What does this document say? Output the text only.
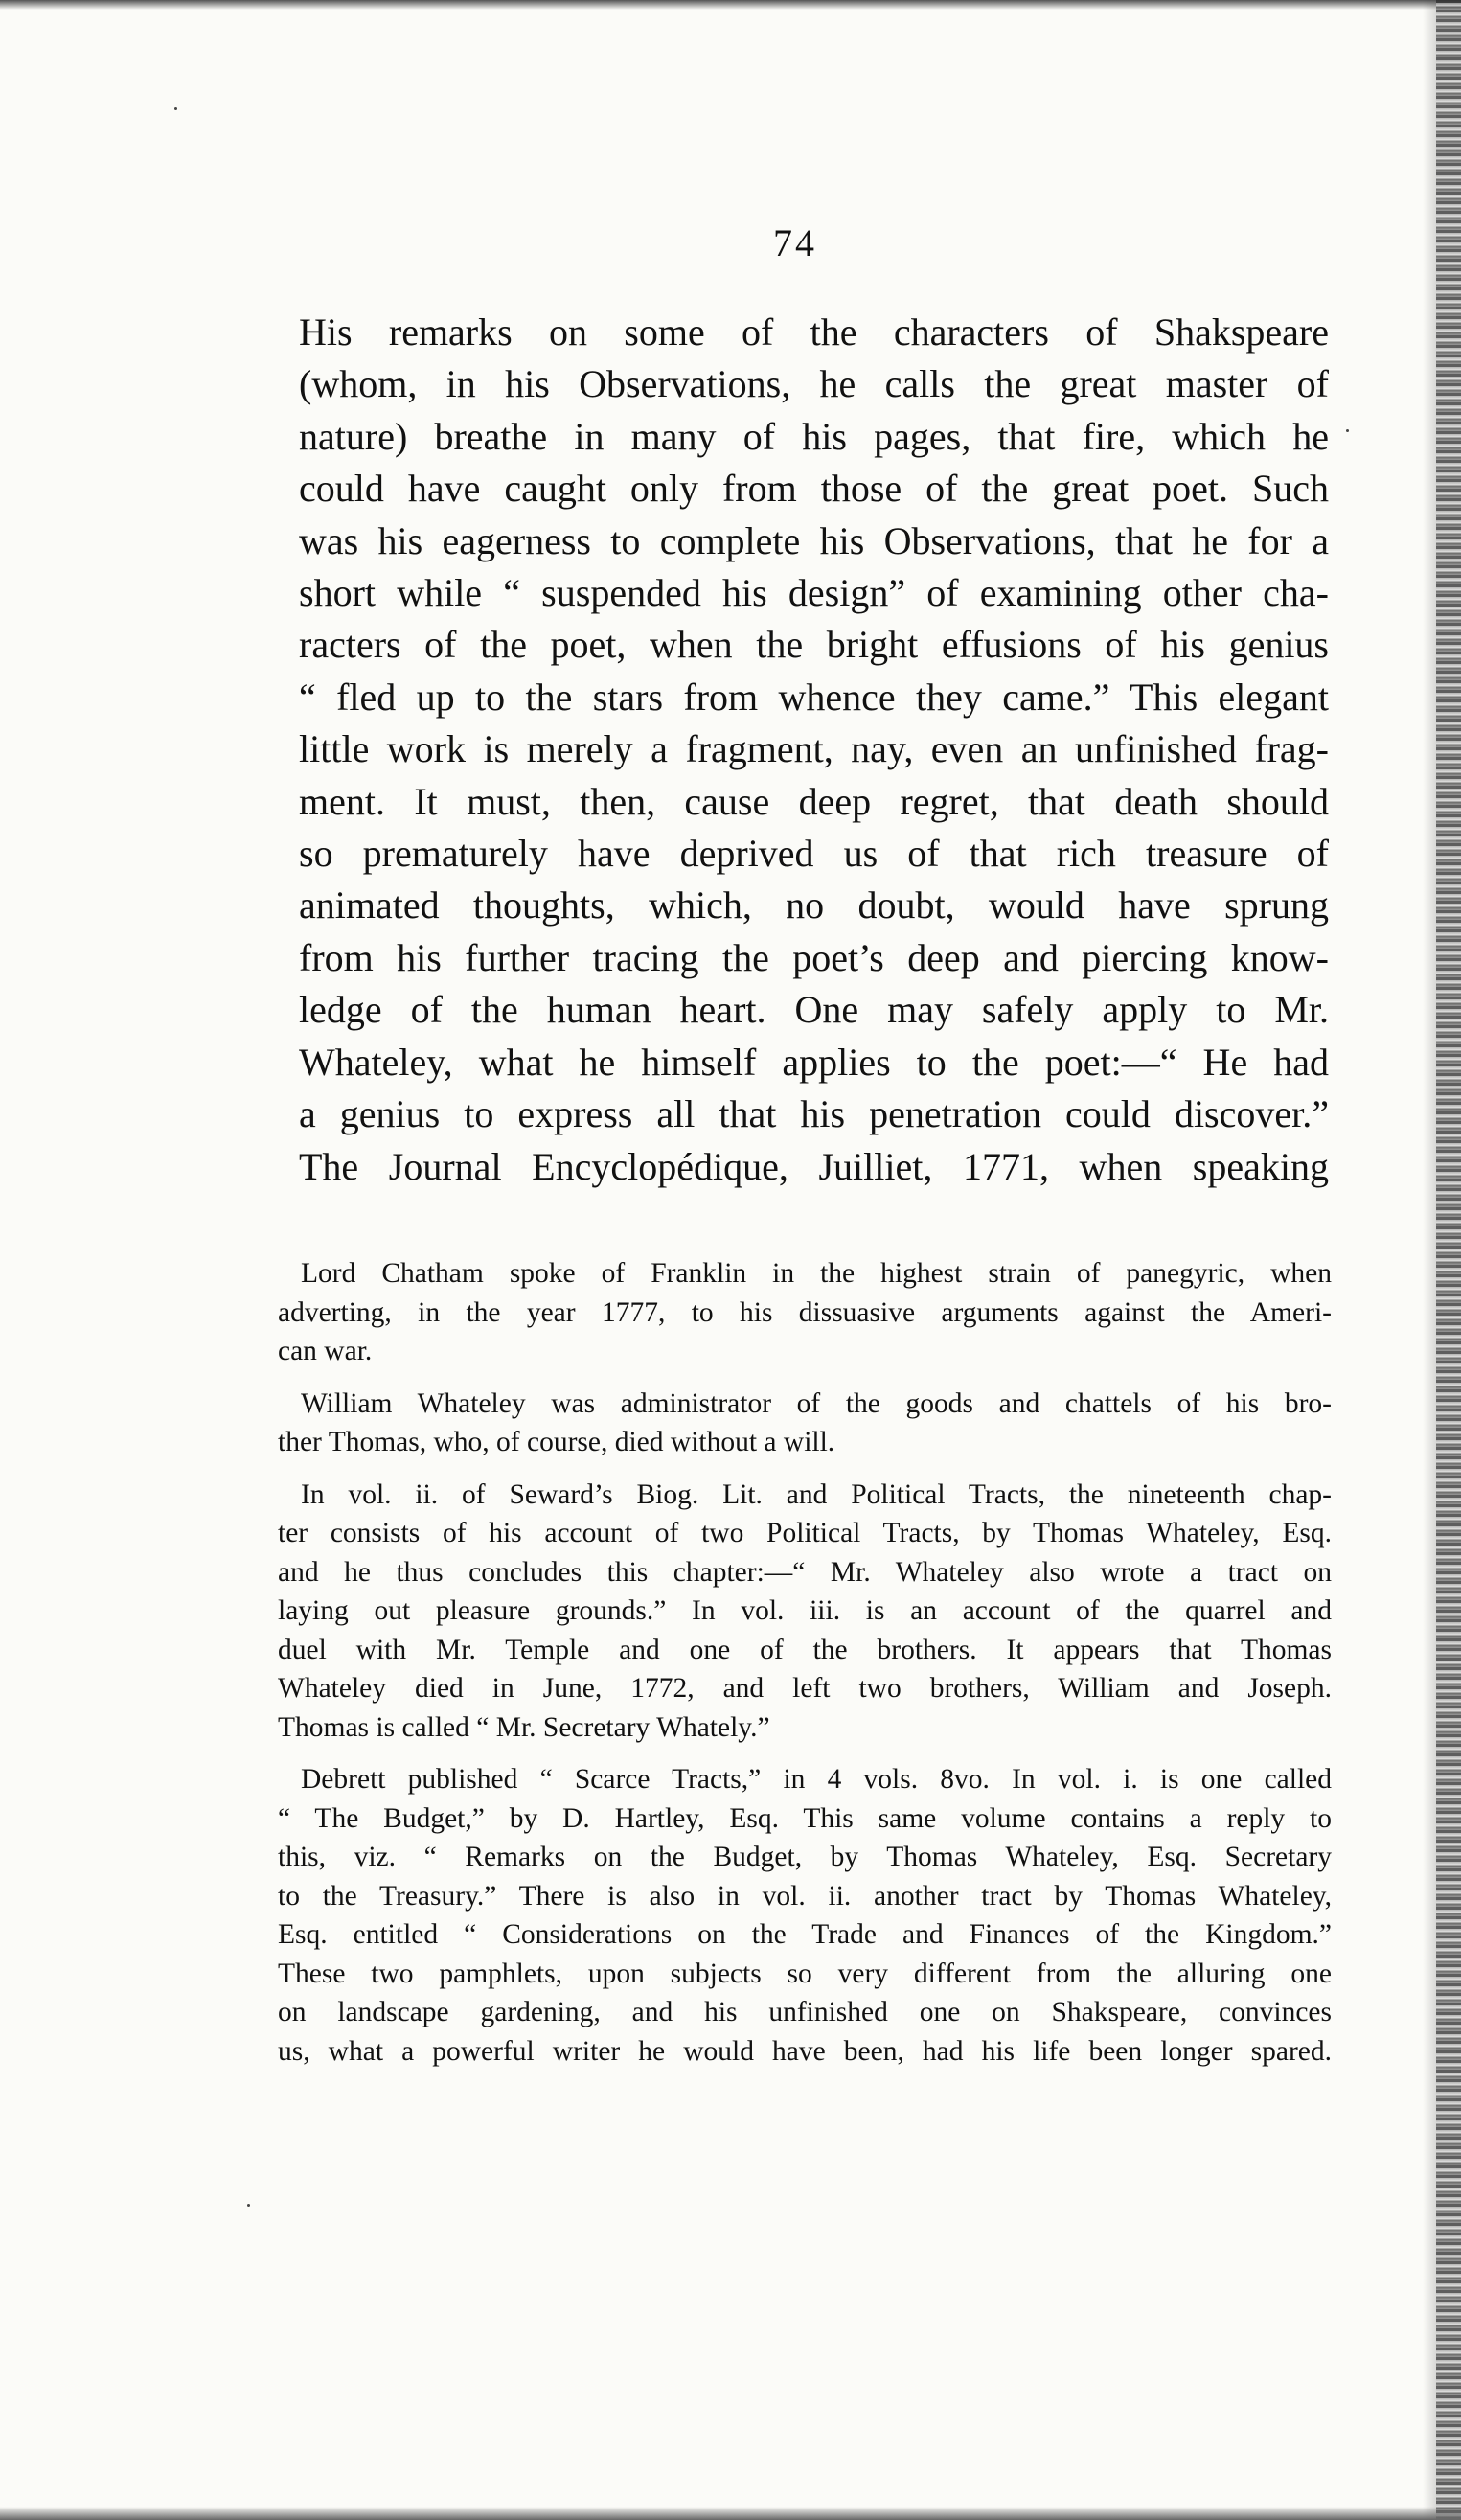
74
His remarks on some of the characters of Shakspeare
(whom, in his Observations, he calls the great master of
nature) breathe in many of his pages, that fire, which he
could have caught only from those of the great poet. Such
was his eagerness to complete his Observations, that he for a
short while “ suspended his design” of examining other cha-
racters of the poet, when the bright effusions of his genius
“ fled up to the stars from whence they came.” This elegant
little work is merely a fragment, nay, even an unfinished frag-
ment. It must, then, cause deep regret, that death should
so prematurely have deprived us of that rich treasure of
animated thoughts, which, no doubt, would have sprung
from his further tracing the poet’s deep and piercing know-
ledge of the human heart. One may safely apply to Mr.
Whateley, what he himself applies to the poet:—“ He had
a genius to express all that his penetration could discover.”
The Journal Encyclopédique, Juilliet, 1771, when speaking
Lord Chatham spoke of Franklin in the highest strain of panegyric, when
adverting, in the year 1777, to his dissuasive arguments against the Ameri-
can war.
William Whateley was administrator of the goods and chattels of his bro-
ther Thomas, who, of course, died without a will.
In vol. ii. of Seward’s Biog. Lit. and Political Tracts, the nineteenth chap-
ter consists of his account of two Political Tracts, by Thomas Whateley, Esq.
and he thus concludes this chapter:—“ Mr. Whateley also wrote a tract on
laying out pleasure grounds.” In vol. iii. is an account of the quarrel and
duel with Mr. Temple and one of the brothers. It appears that Thomas
Whateley died in June, 1772, and left two brothers, William and Joseph.
Thomas is called “ Mr. Secretary Whately.”
Debrett published “ Scarce Tracts,” in 4 vols. 8vo. In vol. i. is one called
“ The Budget,” by D. Hartley, Esq. This same volume contains a reply to
this, viz. “ Remarks on the Budget, by Thomas Whateley, Esq. Secretary
to the Treasury.” There is also in vol. ii. another tract by Thomas Whateley,
Esq. entitled “ Considerations on the Trade and Finances of the Kingdom.”
These two pamphlets, upon subjects so very different from the alluring one
on landscape gardening, and his unfinished one on Shakspeare, convinces
us, what a powerful writer he would have been, had his life been longer spared.
